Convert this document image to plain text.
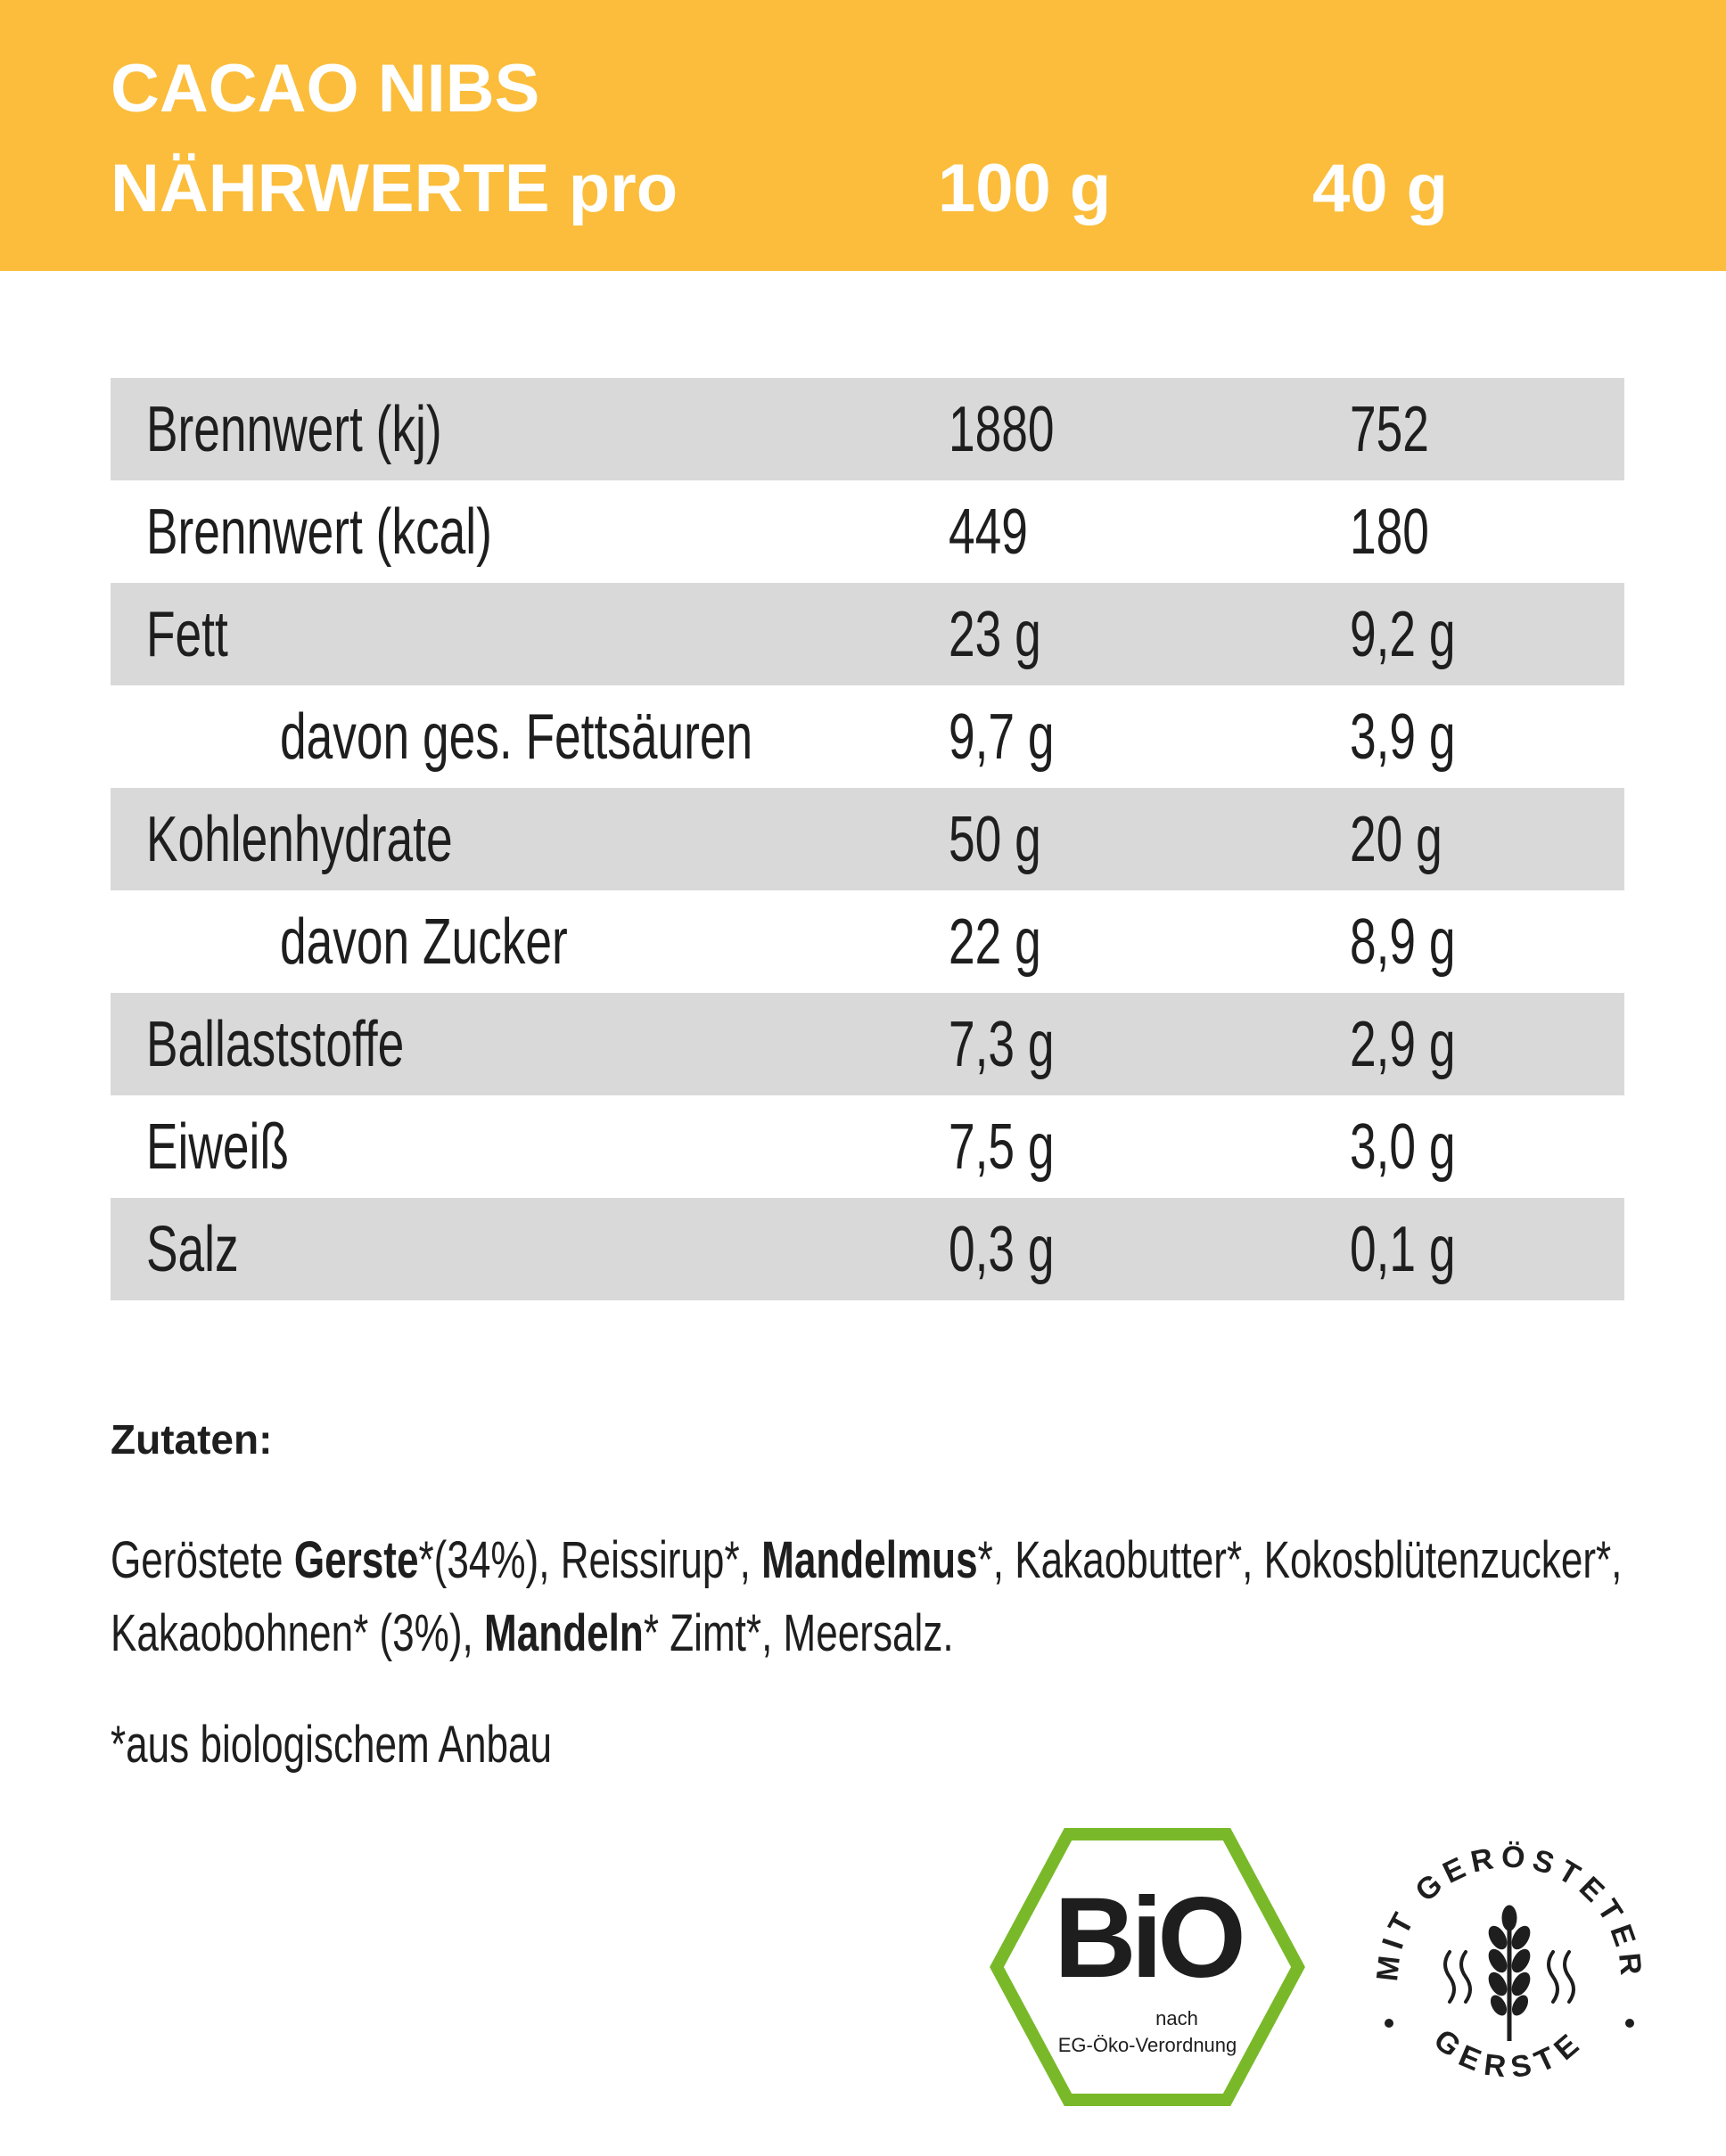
CACAO NIBS
NÄHRWERTE pro	100 g	40 g
Brennwert (kj)	1880	752
Brennwert (kcal)	449	180
Fett	23 g	9,2 g
davon ges. Fettsäuren	9,7 g	3,9 g
Kohlenhydrate	50 g	20 g
davon Zucker	22 g	8,9 g
Ballaststoffe	7,3 g	2,9 g
Eiweiß	7,5 g	3,0 g
Salz	0,3 g	0,1 g
Zutaten:
Geröstete Gerste*(34%), Reissirup*, Mandelmus*, Kakaobutter*, Kokosblütenzucker*, Kakaobohnen* (3%), Mandeln* Zimt*, Meersalz.
*aus biologischem Anbau
BiO
nach
EG-Öko-Verordnung
MIT GERÖSTETER
GERSTE
